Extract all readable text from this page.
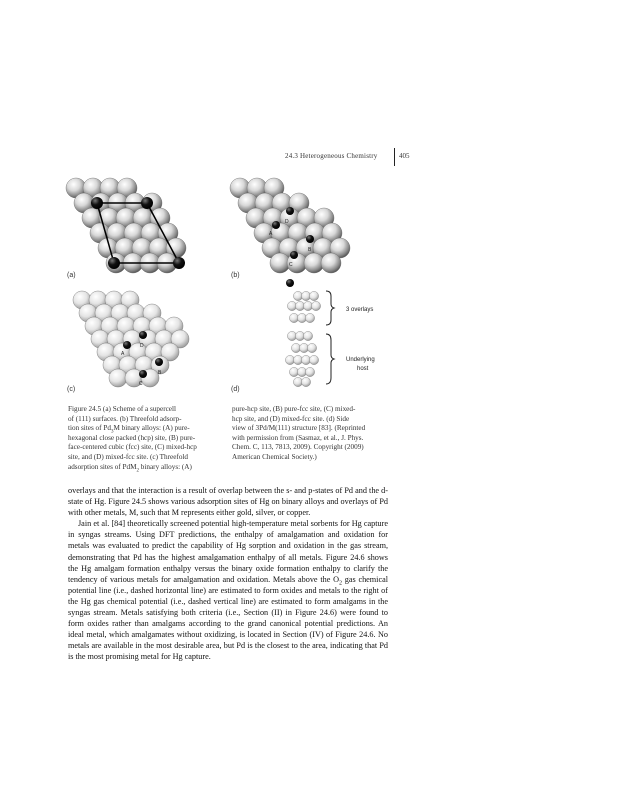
24.3 Heterogeneous Chemistry	405
(a)
D
A
B
C
(b)
D
A
B
C
(c)
3 overlays
Underlying
host
(d)
Figure 24.5 (a) Scheme of a supercell
of (111) surfaces. (b) Threefold adsorp-
tion sites of $Pd_3M$ binary alloys: (A) pure-
hexagonal close packed (hcp) site, (B) pure-
face-centered cubic (fcc) site, (C) mixed-hcp
site, and (D) mixed-fcc site. (c) Threefold
adsorption sites of PdM$_2$ binary alloys: (A)
pure-hcp site, (B) pure-fcc site, (C) mixed-
hcp site, and (D) mixed-fcc site. (d) Side
view of 3Pd/M(111) structure [83]. (Reprinted
with permission from (Sasmaz, et al., J. Phys.
Chem. C, 113, 7813, 2009). Copyright (2009)
American Chemical Society.)

overlays and that the interaction is a result of overlap between the s- and p-states of Pd and the d-state of Hg. Figure 24.5 shows various adsorption sites of Hg on binary alloys and overlays of Pd with other metals, M, such that M represents either gold, silver, or copper.

Jain et al. [84] theoretically screened potential high-temperature metal sorbents for Hg capture in syngas streams. Using DFT predictions, the enthalpy of amalgamation and oxidation for metals was evaluated to predict the capability of Hg sorption and oxidation in the gas stream, demonstrating that Pd has the highest amalgamation enthalpy of all metals. Figure 24.6 shows the Hg amalgam formation enthalpy versus the binary oxide formation enthalpy to clarify the tendency of various metals for amalgamation and oxidation. Metals above the $O_2$ gas chemical potential line (i.e., dashed horizontal line) are estimated to form oxides and metals to the right of the Hg gas chemical potential (i.e., dashed vertical line) are estimated to form amalgams in the syngas stream. Metals satisfying both criteria (i.e., Section (II) in Figure 24.6) were found to form oxides rather than amalgams according to the grand canonical potential predictions. An ideal metal, which amalgamates without oxidizing, is located in Section (IV) of Figure 24.6. No metals are available in the most desirable area, but Pd is the closest to the area, indicating that Pd is the most promising metal for Hg capture.
